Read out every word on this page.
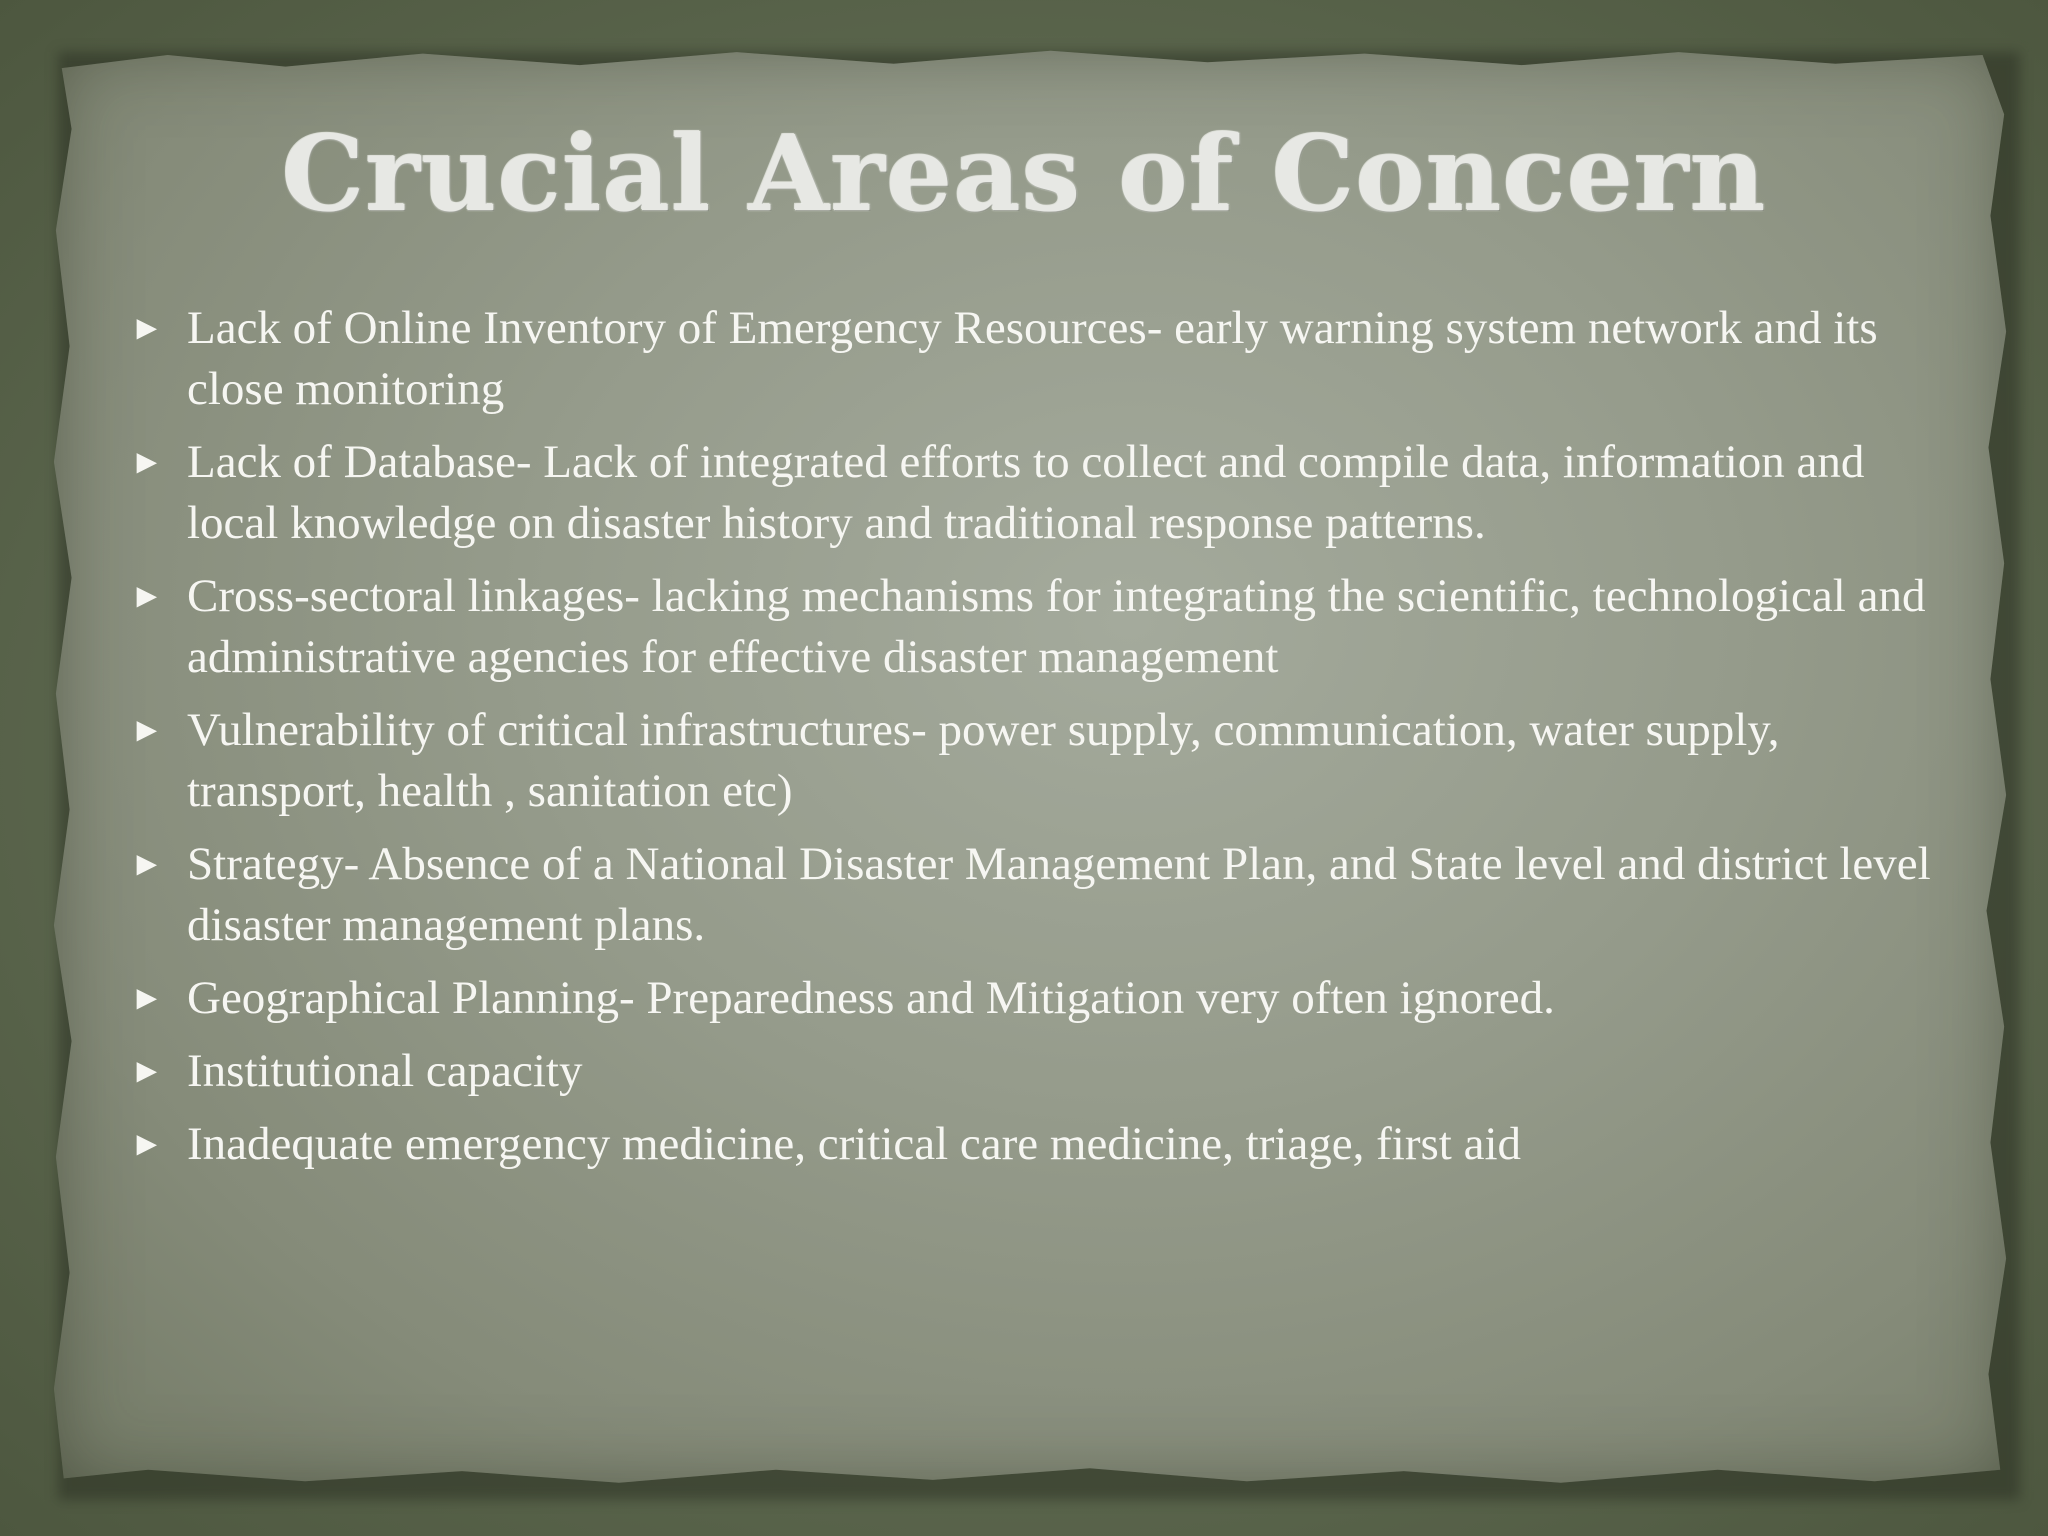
Crucial Areas of Concern
► Lack of Online Inventory of Emergency Resources- early warning system network and its close monitoring
► Lack of Database- Lack of integrated efforts to collect and compile data, information and local knowledge on disaster history and traditional response patterns.
► Cross-sectoral linkages- lacking mechanisms for integrating the scientific, technological and administrative agencies for effective disaster management
► Vulnerability of critical infrastructures- power supply, communication, water supply, transport, health , sanitation etc)
► Strategy- Absence of a National Disaster Management Plan, and State level and district level disaster management plans.
► Geographical Planning- Preparedness and Mitigation very often ignored.
► Institutional capacity
► Inadequate emergency medicine, critical care medicine, triage, first aid
